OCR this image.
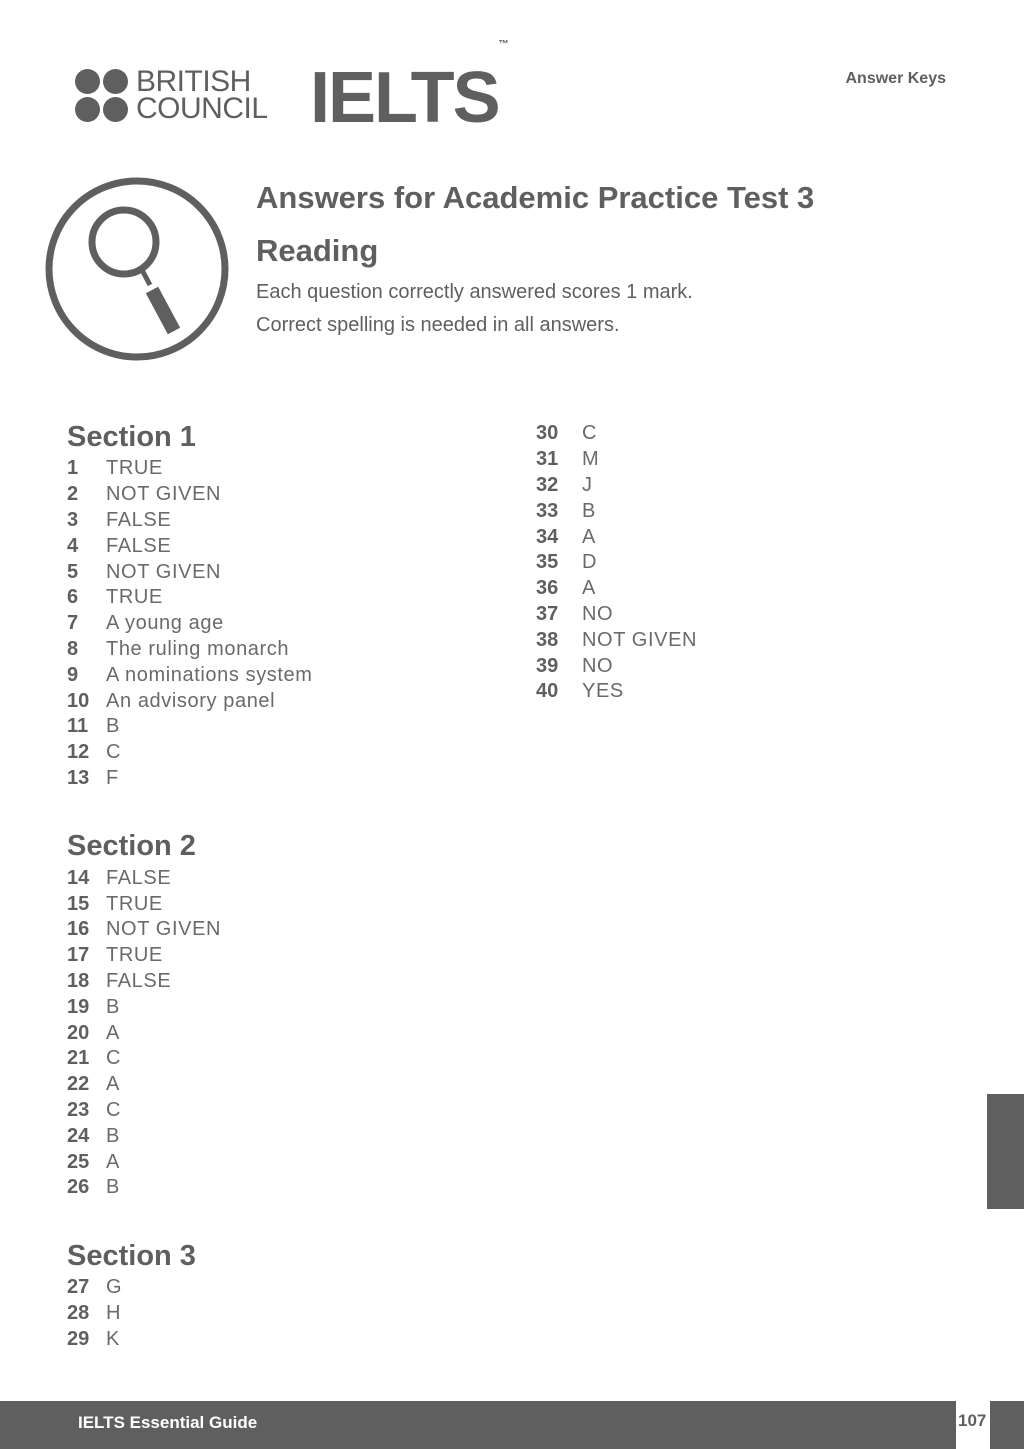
BRITISH
COUNCIL IELTS™
Answer Keys
Answers for Academic Practice Test 3
Reading

Each question correctly answered scores 1 mark.

Correct spelling is needed in all answers.

Section 1
1	TRUE
2	NOT GIVEN
3	FALSE
4	FALSE
5	NOT GIVEN
6	TRUE
7	A young age
8	The ruling monarch
9	A nominations system
10 An advisory panel
11 B
12 C
13 F
Section 2
14 FALSE
15 TRUE
16 NOT GIVEN
17 TRUE
18 FALSE
19 B
20 A
21 C
22 A
23 C
24 B
25 A
26 B
Section 3
27 G
28 H
29 K
30	C
31	M
32	J
33	B
34	A
35	D
36	A
37	NO
38	NOT GIVEN
39	NO
40	YES
IELTS Essential Guide	107
